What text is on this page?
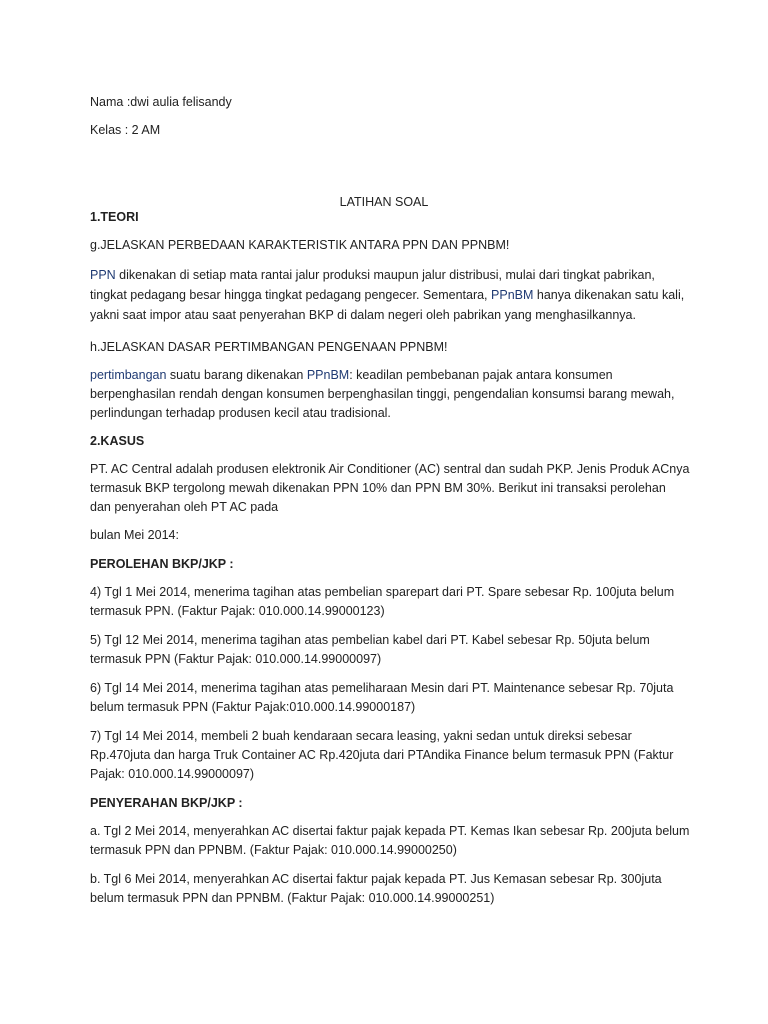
Nama :dwi aulia felisandy

Kelas : 2 AM

LATIHAN SOAL

1.TEORI

g.JELASKAN PERBEDAAN KARAKTERISTIK ANTARA PPN DAN PPNBM!

PPN dikenakan di setiap mata rantai jalur produksi maupun jalur distribusi, mulai dari tingkat pabrikan, tingkat pedagang besar hingga tingkat pedagang pengecer. Sementara, PPnBM hanya dikenakan satu kali, yakni saat impor atau saat penyerahan BKP di dalam negeri oleh pabrikan yang menghasilkannya.

h.JELASKAN DASAR PERTIMBANGAN PENGENAAN PPNBM!

pertimbangan suatu barang dikenakan PPnBM: keadilan pembebanan pajak antara konsumen berpenghasilan rendah dengan konsumen berpenghasilan tinggi, pengendalian konsumsi barang mewah, perlindungan terhadap produsen kecil atau tradisional.

2.KASUS

PT. AC Central adalah produsen elektronik Air Conditioner (AC) sentral dan sudah PKP. Jenis Produk ACnya termasuk BKP tergolong mewah dikenakan PPN 10% dan PPN BM 30%. Berikut ini transaksi perolehan dan penyerahan oleh PT AC pada

bulan Mei 2014:

PEROLEHAN BKP/JKP :

4) Tgl 1 Mei 2014, menerima tagihan atas pembelian sparepart dari PT. Spare sebesar Rp. 100juta belum termasuk PPN. (Faktur Pajak: 010.000.14.99000123)

5) Tgl 12 Mei 2014, menerima tagihan atas pembelian kabel dari PT. Kabel sebesar Rp. 50juta belum termasuk PPN (Faktur Pajak: 010.000.14.99000097)

6) Tgl 14 Mei 2014, menerima tagihan atas pemeliharaan Mesin dari PT. Maintenance sebesar Rp. 70juta belum termasuk PPN (Faktur Pajak:010.000.14.99000187)

7) Tgl 14 Mei 2014, membeli 2 buah kendaraan secara leasing, yakni sedan untuk direksi sebesar Rp.470juta dan harga Truk Container AC Rp.420juta dari PTAndika Finance belum termasuk PPN (Faktur Pajak: 010.000.14.99000097)

PENYERAHAN BKP/JKP :

a. Tgl 2 Mei 2014, menyerahkan AC disertai faktur pajak kepada PT. Kemas Ikan sebesar Rp. 200juta belum termasuk PPN dan PPNBM. (Faktur Pajak: 010.000.14.99000250)

b. Tgl 6 Mei 2014, menyerahkan AC disertai faktur pajak kepada PT. Jus Kemasan sebesar Rp. 300juta belum termasuk PPN dan PPNBM. (Faktur Pajak: 010.000.14.99000251)
